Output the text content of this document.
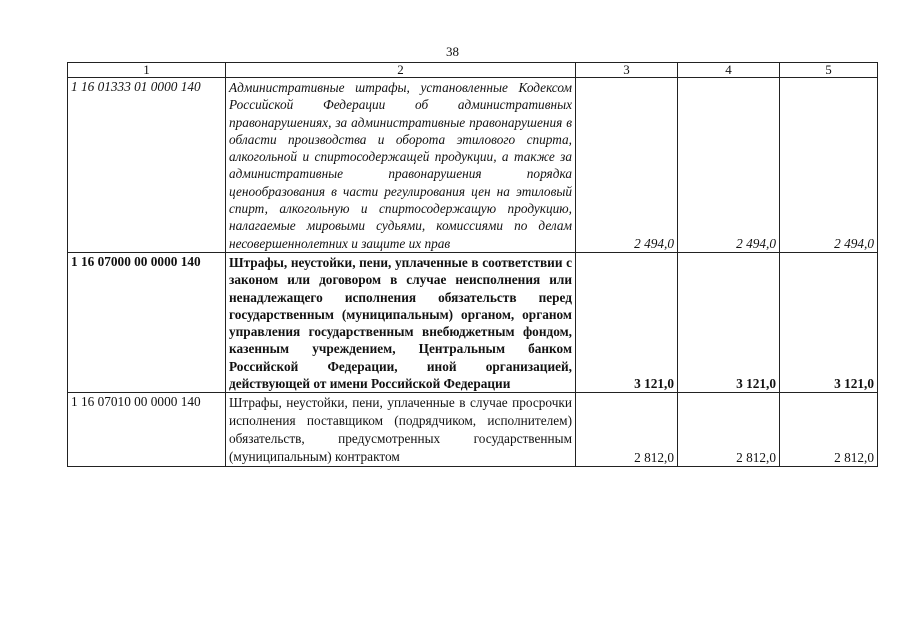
38
1	2	3	4	5
1 16 01333 01 0000 140	Административные штрафы, установленные Кодексом Российской Федерации об административных правонарушениях, за административные правонарушения в области производства и оборота этилового спирта, алкогольной и спиртосодержащей продукции, а также за административные правонарушения порядка ценообразования в части регулирования цен на этиловый спирт, алкогольную и спиртосодержащую продукцию, налагаемые мировыми судьями, комиссиями по делам несовершеннолетних и защите их прав	2 494,0	2 494,0	2 494,0
1 16 07000 00 0000 140	Штрафы, неустойки, пени, уплаченные в соответствии с законом или договором в случае неисполнения или ненадлежащего исполнения обязательств перед государственным (муниципальным) органом, органом управления государственным внебюджетным фондом, казенным учреждением, Центральным банком Российской Федерации, иной организацией, действующей от имени Российской Федерации	3 121,0	3 121,0	3 121,0
1 16 07010 00 0000 140	Штрафы, неустойки, пени, уплаченные в случае просрочки исполнения поставщиком (подрядчиком, исполнителем) обязательств, предусмотренных государственным (муниципальным) контрактом	2 812,0	2 812,0	2 812,0
